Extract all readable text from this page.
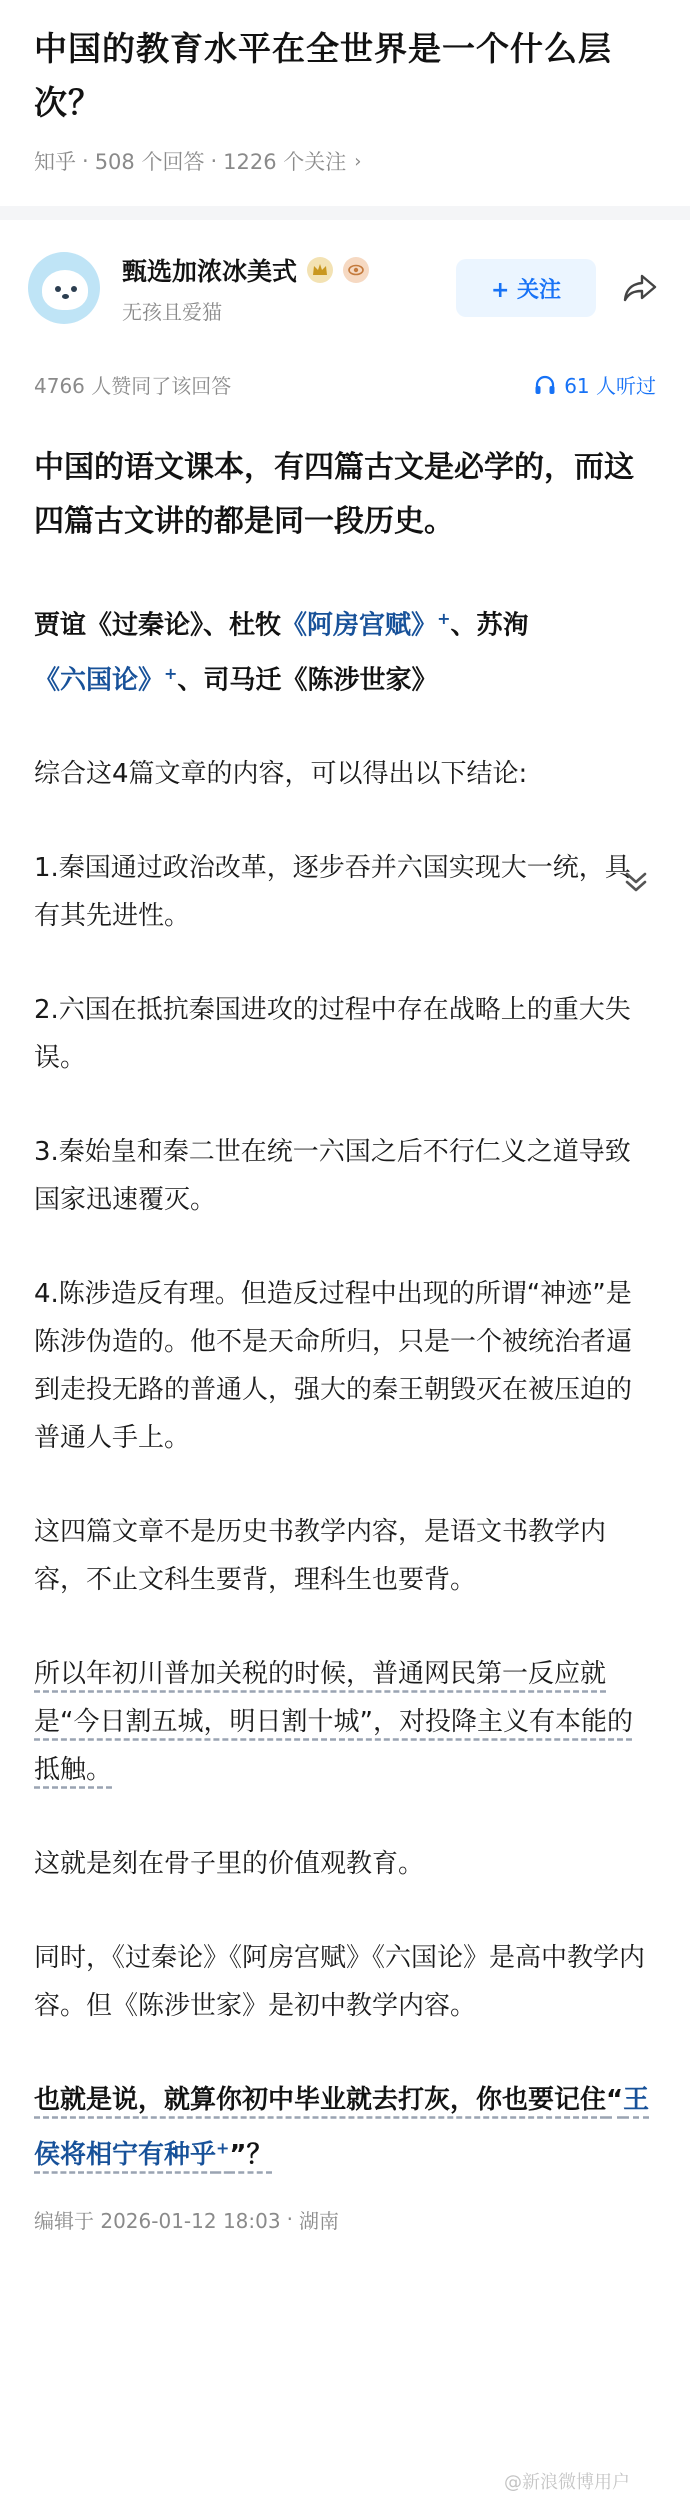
中国的教育水平在全世界是一个什么层次？
知乎 · 508 个回答 · 1226 个关注 ›
甄选加浓冰美式
无孩且爱猫
+ 关注
4766 人赞同了该回答	61 人听过

中国的语文课本，有四篇古文是必学的，而这四篇古文讲的都是同一段历史。

贾谊《过秦论》、杜牧《阿房宫赋》+、苏洵《六国论》+、司马迁《陈涉世家》

综合这4篇文章的内容，可以得出以下结论:

1.秦国通过政治改革，逐步吞并六国实现大一统，具有其先进性。

2.六国在抵抗秦国进攻的过程中存在战略上的重大失误。

3.秦始皇和秦二世在统一六国之后不行仁义之道导致国家迅速覆灭。

4.陈涉造反有理。但造反过程中出现的所谓“神迹”是陈涉伪造的。他不是天命所归，只是一个被统治者逼到走投无路的普通人，强大的秦王朝毁灭在被压迫的普通人手上。

这四篇文章不是历史书教学内容，是语文书教学内容，不止文科生要背，理科生也要背。

所以年初川普加关税的时候，普通网民第一反应就是“今日割五城，明日割十城”，对投降主义有本能的抵触。

这就是刻在骨子里的价值观教育。

同时，《过秦论》《阿房宫赋》《六国论》是高中教学内容。但《陈涉世家》是初中教学内容。

也就是说，就算你初中毕业就去打灰，你也要记住“王侯将相宁有种乎+”？

编辑于 2026-01-12 18:03 · 湖南
@新浪微博用户
